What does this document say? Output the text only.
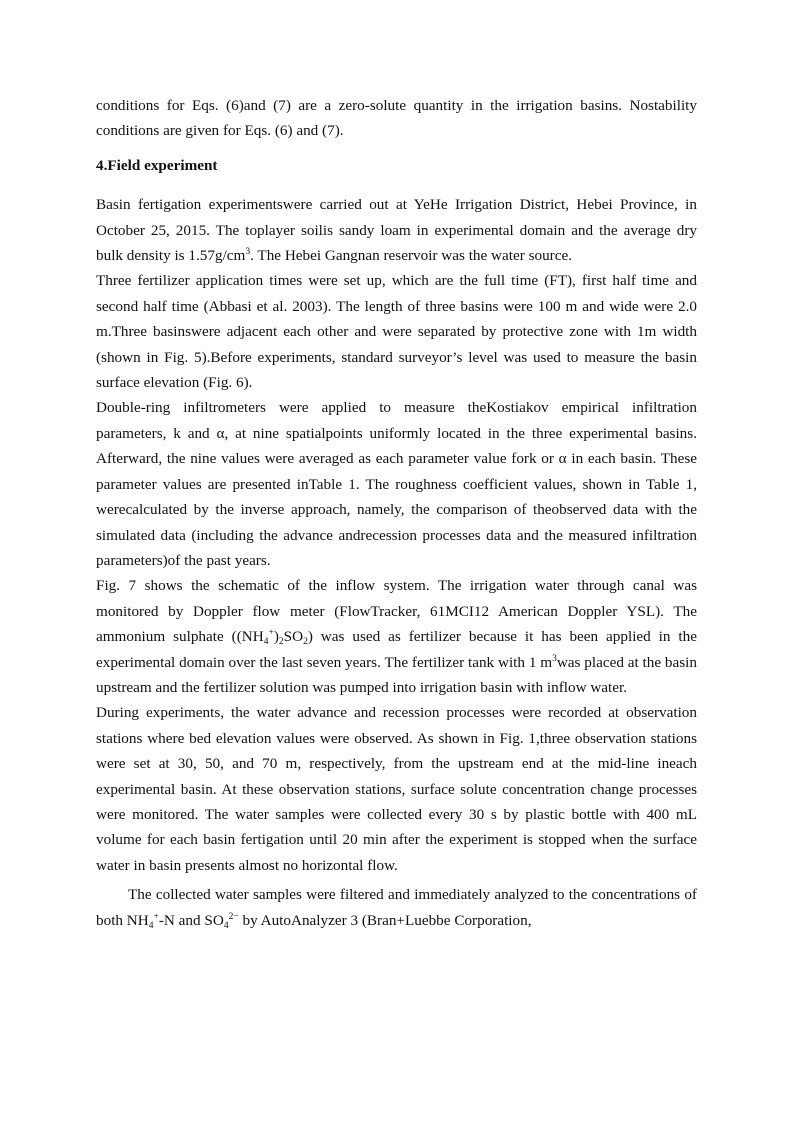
conditions for Eqs. (6)and (7) are a zero-solute quantity in the irrigation basins. Nostability conditions are given for Eqs. (6) and (7).

4.Field experiment

Basin fertigation experimentswere carried out at YeHe Irrigation District, Hebei Province, in October 25, 2015. The toplayer soilis sandy loam in experimental domain and the average dry bulk density is $1.57g/cm^3$. The Hebei Gangnan reservoir was the water source.

Three fertilizer application times were set up, which are the full time (FT), first half time and second half time (Abbasi et al. 2003). The length of three basins were 100 m and wide were 2.0 m.Three basinswere adjacent each other and were separated by protective zone with 1m width (shown in Fig. 5).Before experiments, standard surveyor’s level was used to measure the basin surface elevation (Fig. 6).

Double-ring infiltrometers were applied to measure theKostiakov empirical infiltration parameters, k and α, at nine spatialpoints uniformly located in the three experimental basins. Afterward, the nine values were averaged as each parameter value fork or α in each basin. These parameter values are presented inTable 1. The roughness coefficient values, shown in Table 1, werecalculated by the inverse approach, namely, the comparison of theobserved data with the simulated data (including the advance andrecession processes data and the measured infiltration parameters)of the past years.

Fig. 7 shows the schematic of the inflow system. The irrigation water through canal was monitored by Doppler flow meter (FlowTracker, 61MCI12 American Doppler YSL). The ammonium sulphate $((NH_4^+)_2SO_2)$ was used as fertilizer because it has been applied in the experimental domain over the last seven years. The fertilizer tank with 1 $m^3was$ placed at the basin upstream and the fertilizer solution was pumped into irrigation basin with inflow water.

During experiments, the water advance and recession processes were recorded at observation stations where bed elevation values were observed. As shown in Fig. 1,three observation stations were set at 30, 50, and 70 m, respectively, from the upstream end at the mid-line ineach experimental basin. At these observation stations, surface solute concentration change processes were monitored. The water samples were collected every 30 s by plastic bottle with 400 mL volume for each basin fertigation until 20 min after the experiment is stopped when the surface water in basin presents almost no horizontal flow.

The collected water samples were filtered and immediately analyzed to the concentrations of both $NH_4^+-N$ and $SO_4^{2-}$ by AutoAnalyzer 3 (Bran+Luebbe Corporation,
